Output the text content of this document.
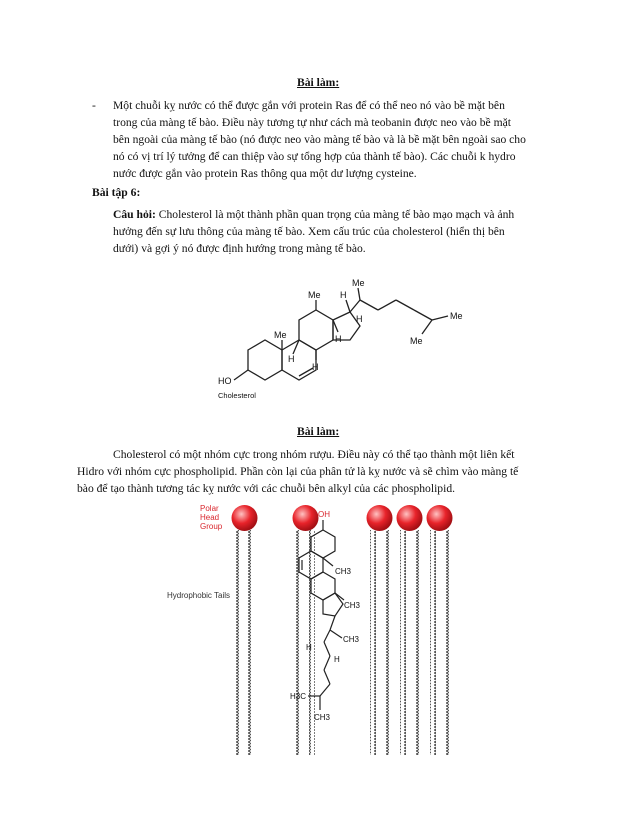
Bài làm:
- Một chuỗi kỵ nước có thể được gắn với protein Ras để có thể neo nó vào bề mặt bên
trong của màng tế bào. Điều này tương tự như cách mà teobanin được neo vào bề mặt
bên ngoài của màng tế bào (nó được neo vào màng tế bào và là bề mặt bên ngoài sao cho
nó có vị trí lý tưởng để can thiệp vào sự tổng hợp của thành tế bào). Các chuỗi k hydro
nước được gắn vào protein Ras thông qua một dư lượng cysteine.
Bài tập 6:
Câu hỏi: Cholesterol là một thành phần quan trọng của màng tế bào mạo mạch và ảnh
hưởng đến sự lưu thông của màng tế bào. Xem cấu trúc của cholesterol (hiển thị bên
dưới) và gợi ý nó được định hướng trong màng tế bào.
HO
Me
Me
Me
Me
Me
H
H
H
H
H
Cholesterol
Bài làm:
Cholesterol có một nhóm cực trong nhóm rượu. Điều này có thể tạo thành một liên kết
Hidro với nhóm cực phospholipid. Phần còn lại của phân tử là kỵ nước và sẽ chìm vào màng tế
bào để tạo thành tương tác kỵ nước với các chuỗi bên alkyl của các phospholipid.
Polar
Head
Group
Hydrophobic Tails
OH
CH3
CH3
CH3
H
H
H3C
CH3
